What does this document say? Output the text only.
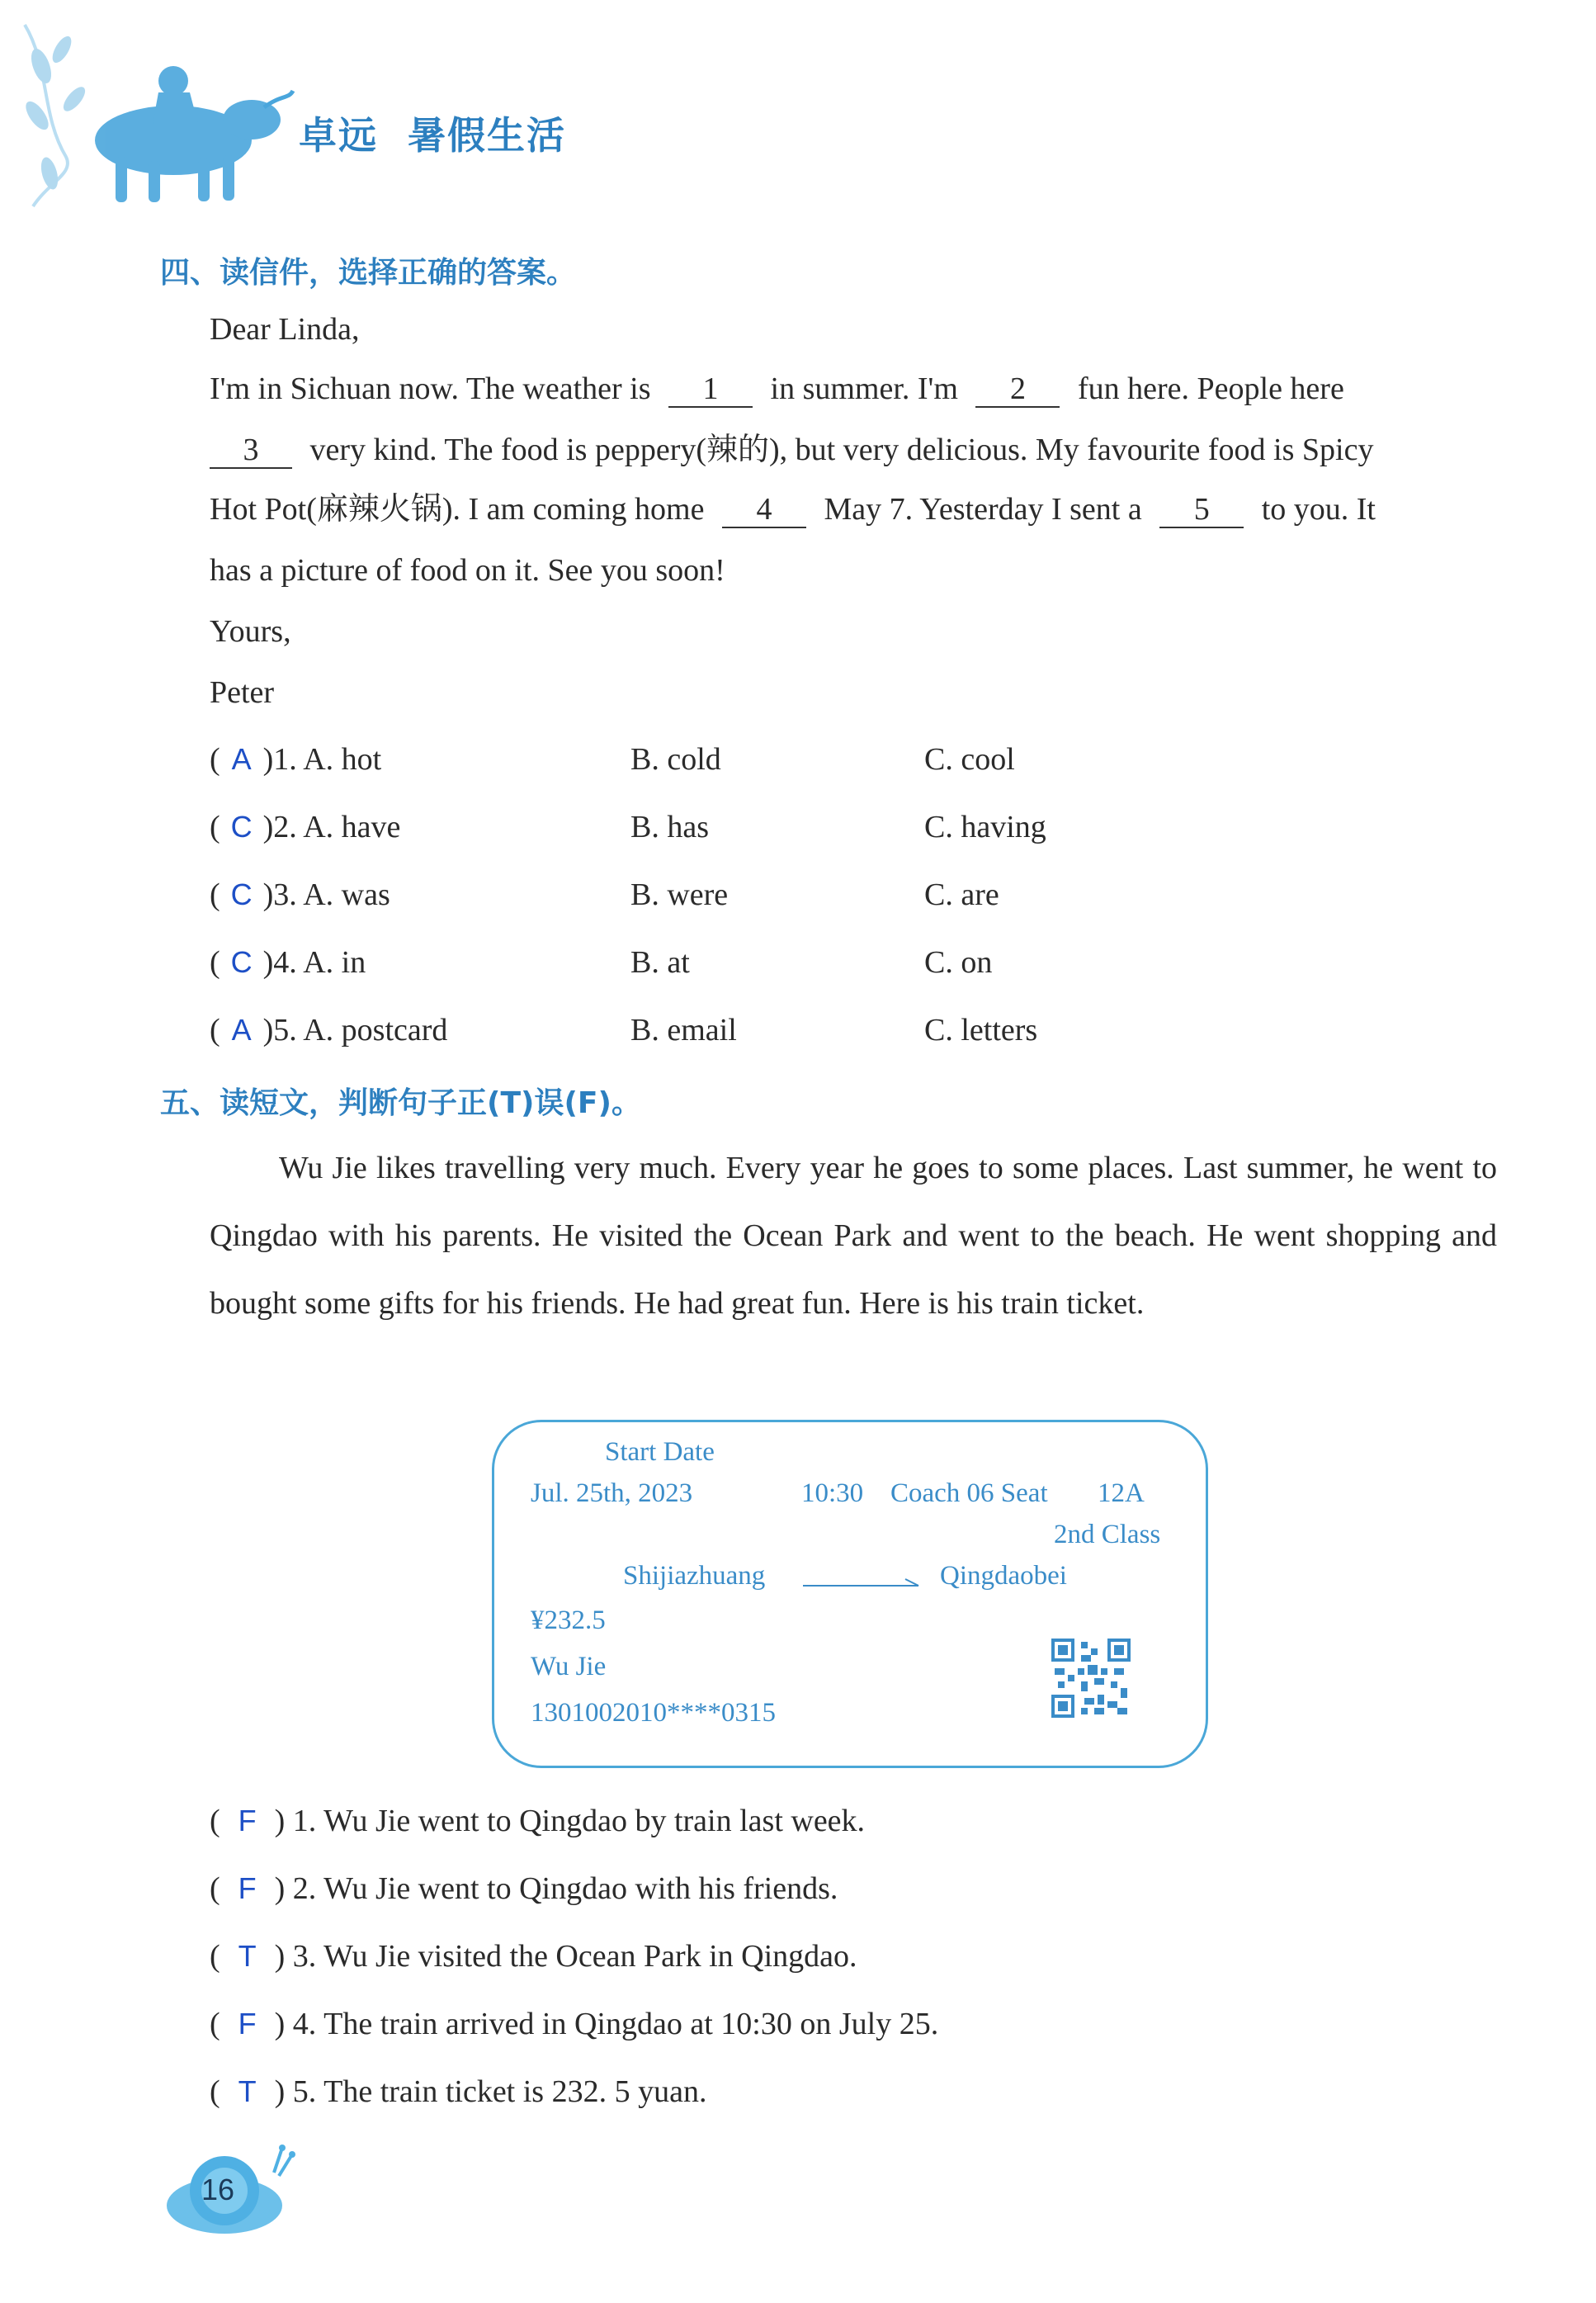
卓远  暑假生活
四、读信件，选择正确的答案。
Dear Linda,
I'm in Sichuan now. The weather is 1 in summer. I'm 2 fun here. People here
3 very kind. The food is peppery(辣的), but very delicious. My favourite food is Spicy
Hot Pot(麻辣火锅). I am coming home 4 May 7. Yesterday I sent a 5 to you. It
has a picture of food on it. See you soon!
Yours,
Peter
( A )1. A. hot	B. cold	C. cool
( C )2. A. have	B. has	C. having
( C )3. A. was	B. were	C. are
( C )4. A. in	B. at	C. on
( A )5. A. postcard	B. email	C. letters
五、读短文，判断句子正(T)误(F)。
Wu Jie likes travelling very much. Every year he goes to some places. Last summer, he went to Qingdao with his parents. He visited the Ocean Park and went to the beach. He went shopping and bought some gifts for his friends. He had great fun. Here is his train ticket.
Start Date
Jul. 25th, 2023	10:30 Coach 06 Seat 12A
2nd Class
Shijiazhuang	Qingdaobei
¥232.5
Wu Jie
1301002010****0315
( F ) 1. Wu Jie went to Qingdao by train last week.
( F ) 2. Wu Jie went to Qingdao with his friends.
( T ) 3. Wu Jie visited the Ocean Park in Qingdao.
( F ) 4. The train arrived in Qingdao at 10:30 on July 25.
( T ) 5. The train ticket is 232. 5 yuan.
16
